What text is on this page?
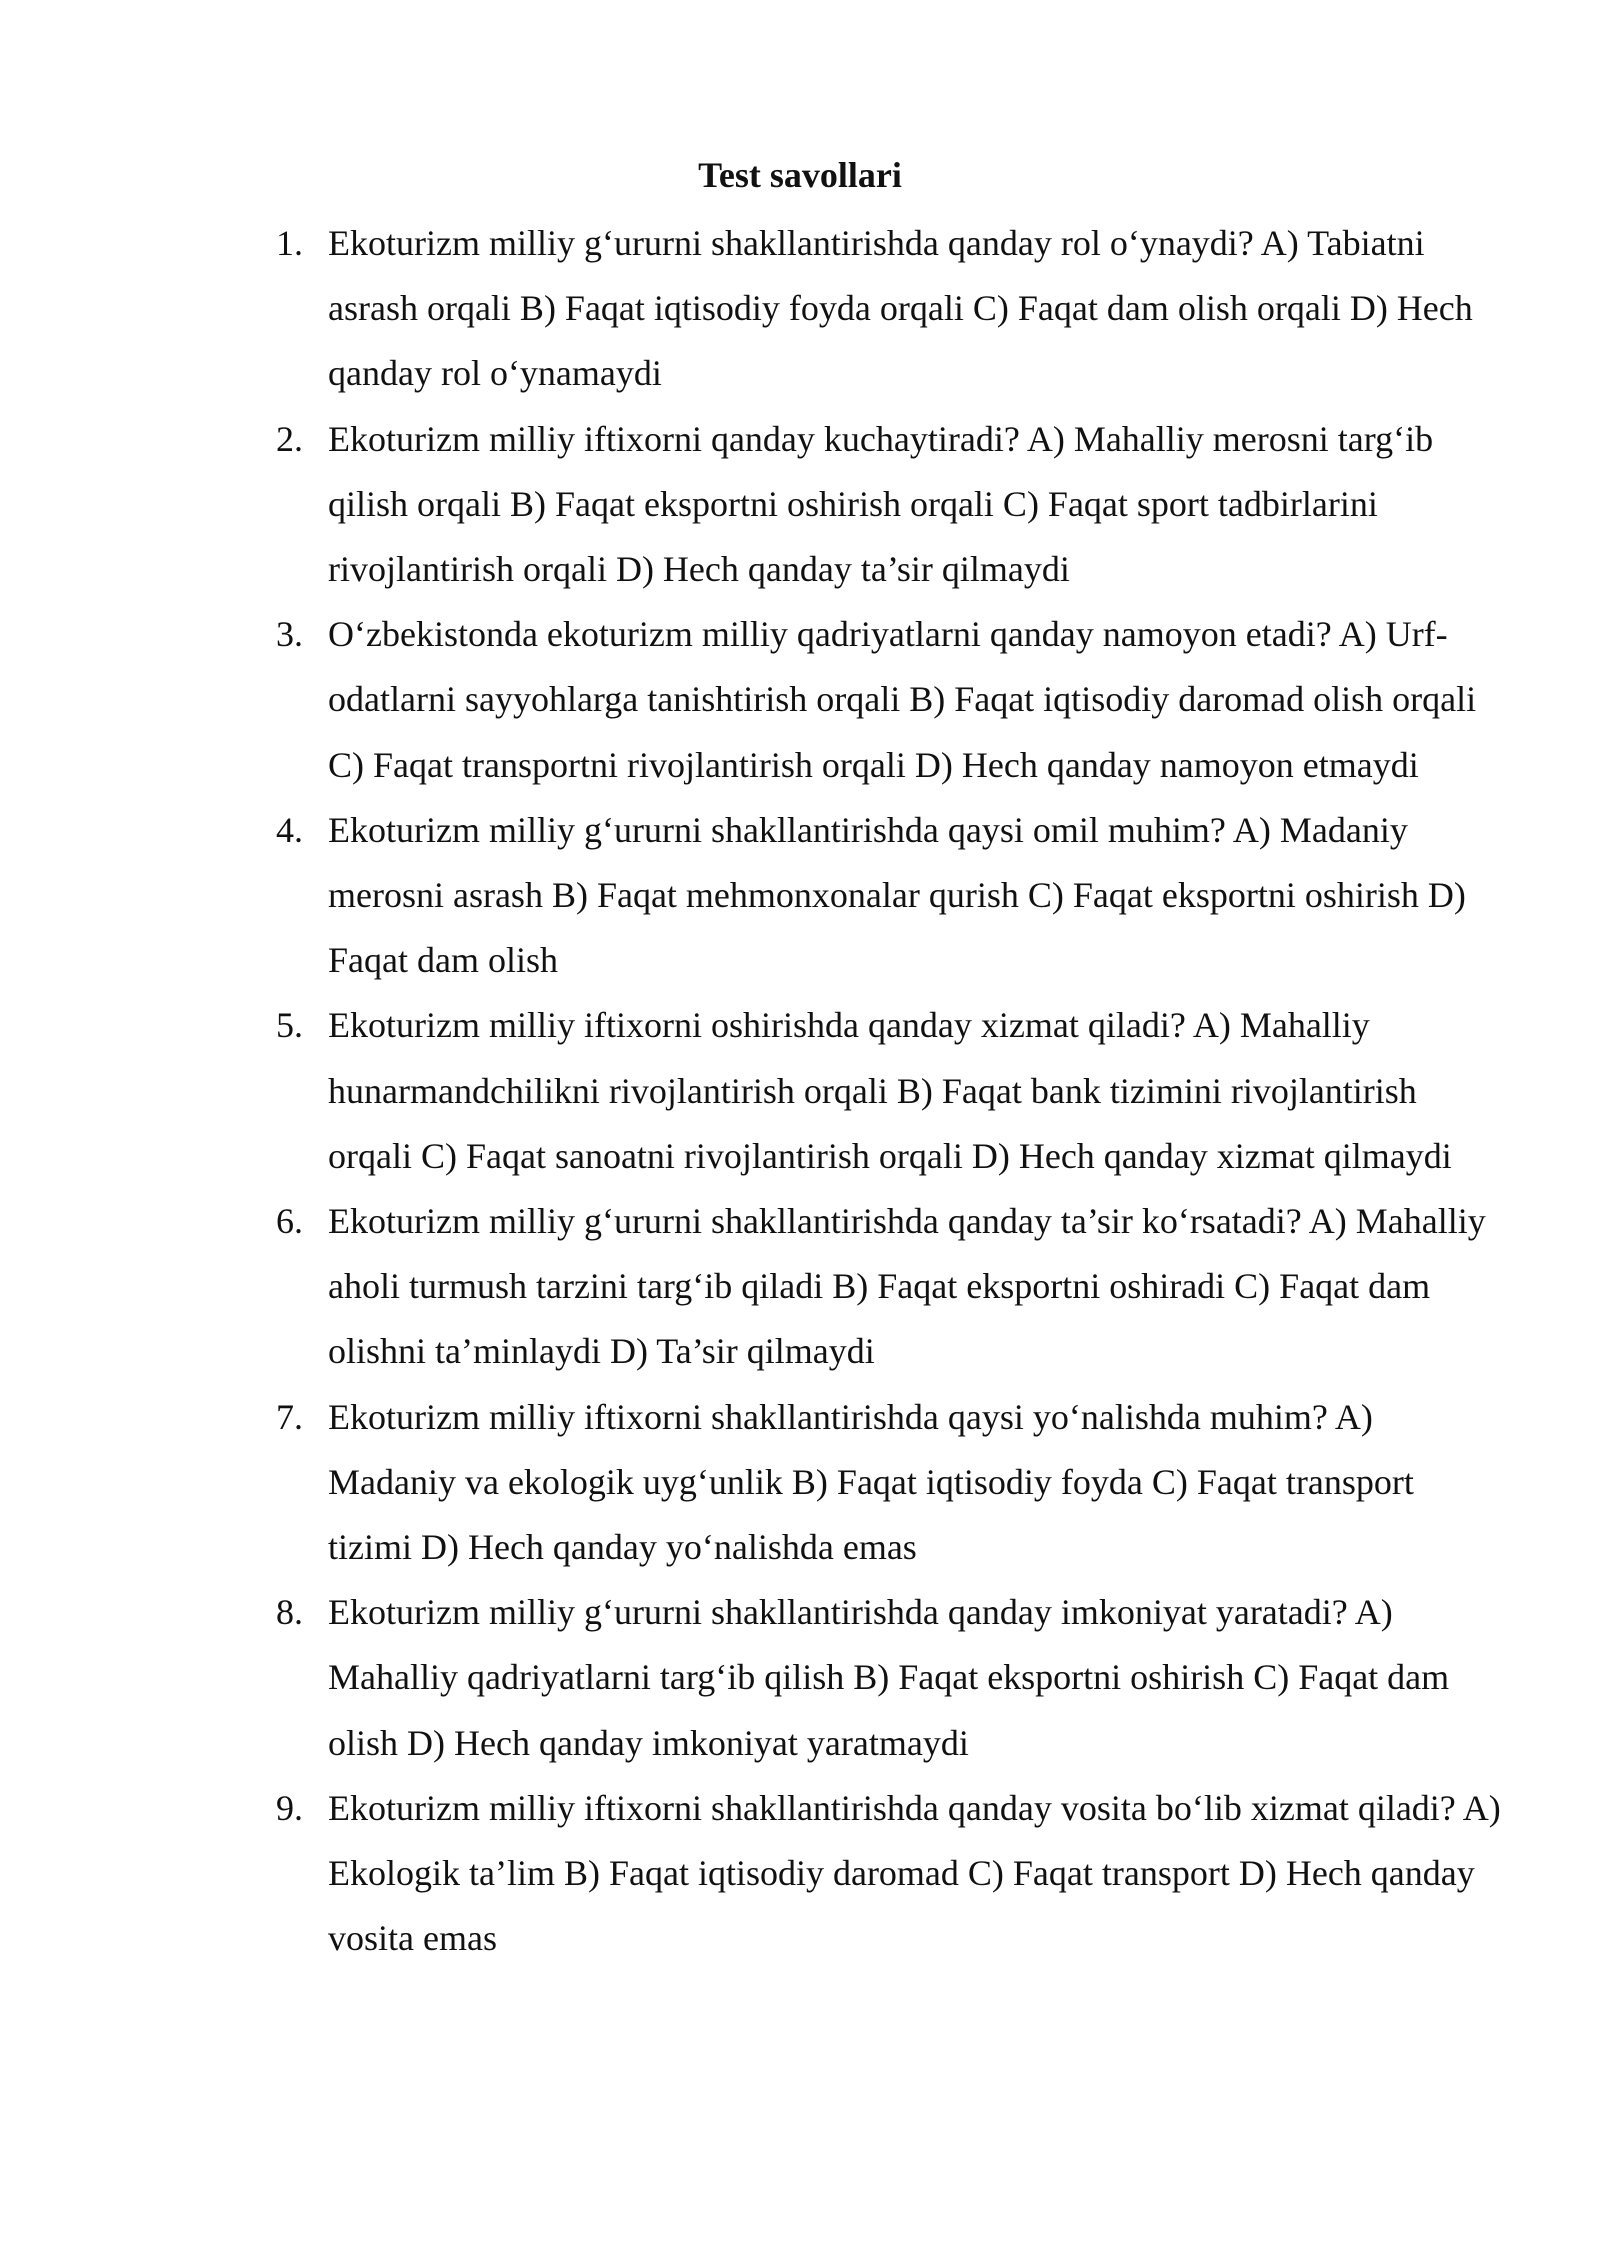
Test savollari
1. Ekoturizm milliy g‘ururni shakllantirishda qanday rol o‘ynaydi? A) Tabiatni asrash orqali B) Faqat iqtisodiy foyda orqali C) Faqat dam olish orqali D) Hech qanday rol o‘ynamaydi
2. Ekoturizm milliy iftixorni qanday kuchaytiradi? A) Mahalliy merosni targ‘ib qilish orqali B) Faqat eksportni oshirish orqali C) Faqat sport tadbirlarini rivojlantirish orqali D) Hech qanday ta’sir qilmaydi
3. O‘zbekistonda ekoturizm milliy qadriyatlarni qanday namoyon etadi? A) Urf-odatlarni sayyohlarga tanishtirish orqali B) Faqat iqtisodiy daromad olish orqali C) Faqat transportni rivojlantirish orqali D) Hech qanday namoyon etmaydi
4. Ekoturizm milliy g‘ururni shakllantirishda qaysi omil muhim? A) Madaniy merosni asrash B) Faqat mehmonxonalar qurish C) Faqat eksportni oshirish D) Faqat dam olish
5. Ekoturizm milliy iftixorni oshirishda qanday xizmat qiladi? A) Mahalliy hunarmandchilikni rivojlantirish orqali B) Faqat bank tizimini rivojlantirish orqali C) Faqat sanoatni rivojlantirish orqali D) Hech qanday xizmat qilmaydi
6. Ekoturizm milliy g‘ururni shakllantirishda qanday ta’sir ko‘rsatadi? A) Mahalliy aholi turmush tarzini targ‘ib qiladi B) Faqat eksportni oshiradi C) Faqat dam olishni ta’minlaydi D) Ta’sir qilmaydi
7. Ekoturizm milliy iftixorni shakllantirishda qaysi yo‘nalishda muhim? A) Madaniy va ekologik uyg‘unlik B) Faqat iqtisodiy foyda C) Faqat transport tizimi D) Hech qanday yo‘nalishda emas
8. Ekoturizm milliy g‘ururni shakllantirishda qanday imkoniyat yaratadi? A) Mahalliy qadriyatlarni targ‘ib qilish B) Faqat eksportni oshirish C) Faqat dam olish D) Hech qanday imkoniyat yaratmaydi
9. Ekoturizm milliy iftixorni shakllantirishda qanday vosita bo‘lib xizmat qiladi? A) Ekologik ta’lim B) Faqat iqtisodiy daromad C) Faqat transport D) Hech qanday vosita emas
